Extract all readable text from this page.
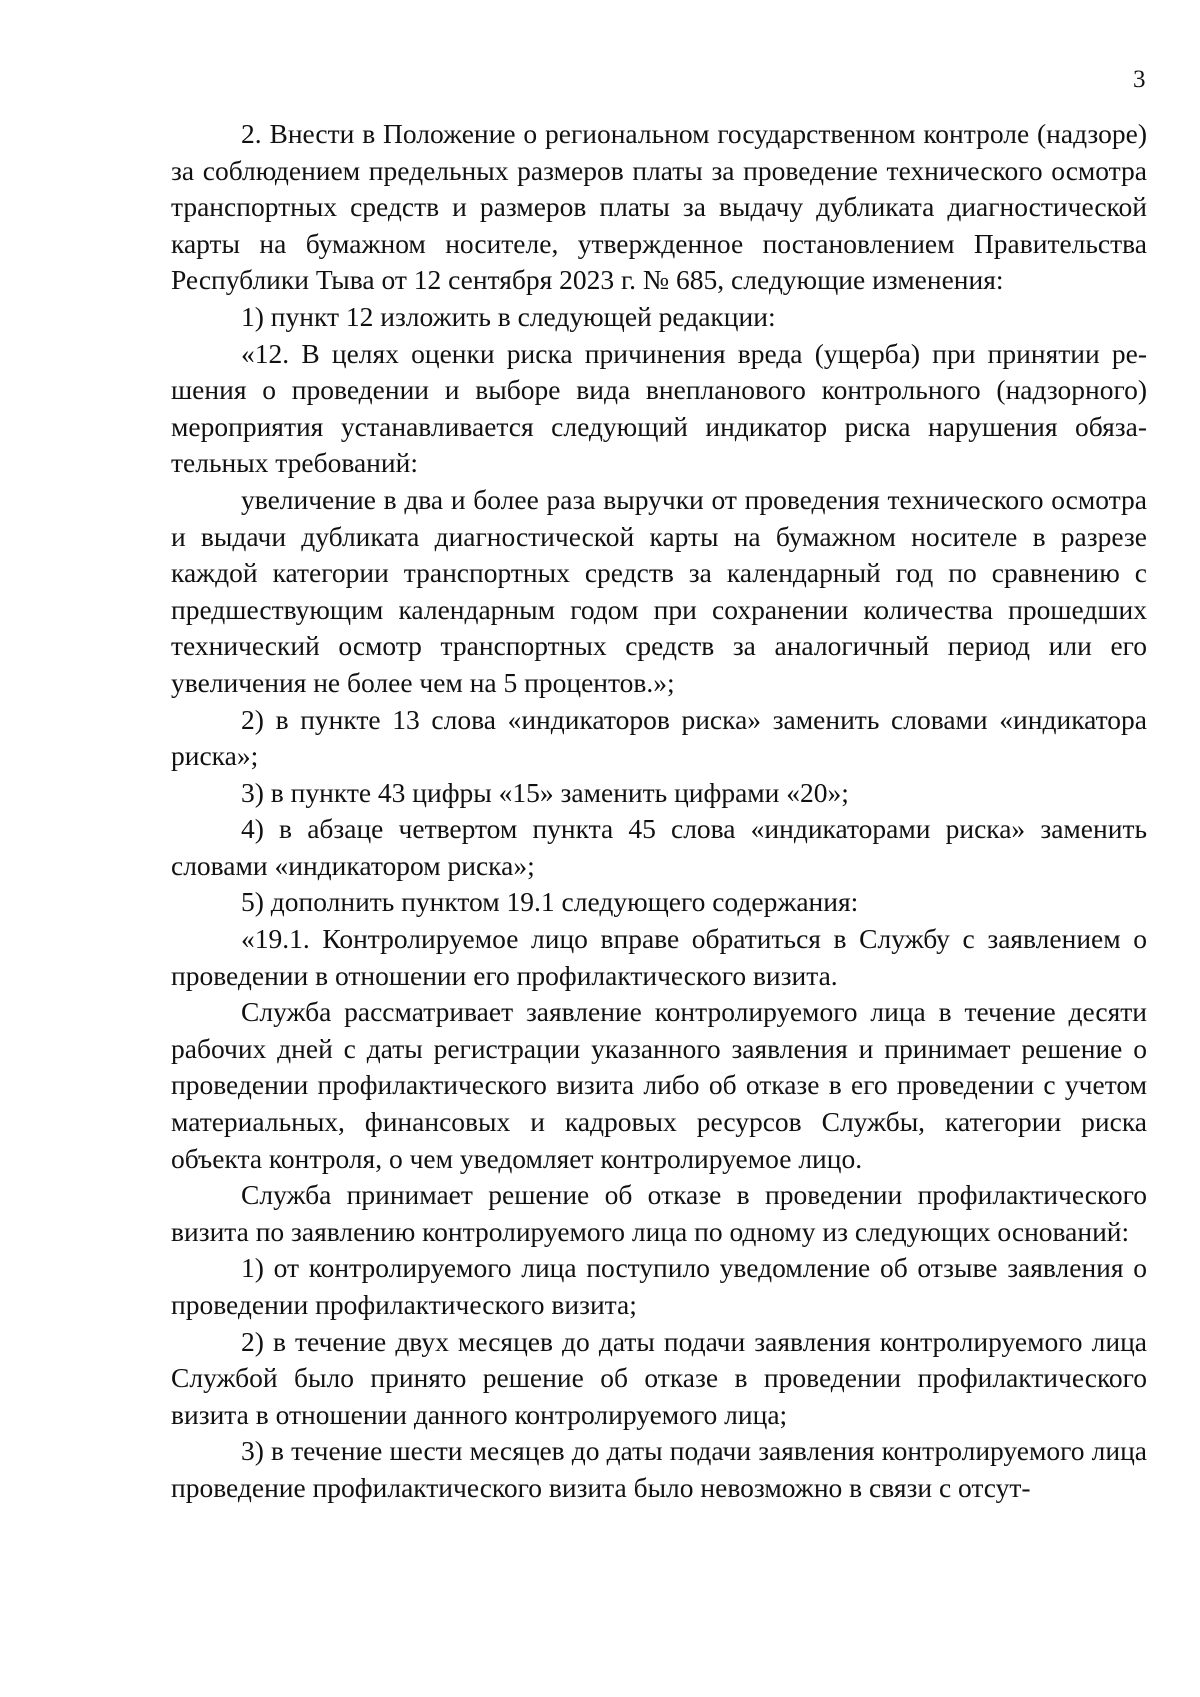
3

2. Внести в Положение о региональном государственном контроле (надзоре) за соблюдением предельных размеров платы за проведение технического осмотра транспортных средств и размеров платы за выдачу дубликата диагностической карты на бумажном носителе, утвержденное постановлением Правительства Республики Тыва от 12 сентября 2023 г. № 685, следующие изменения:

1) пункт 12 изложить в следующей редакции:

«12. В целях оценки риска причинения вреда (ущерба) при принятии решения о проведении и выборе вида внепланового контрольного (надзорного) мероприятия устанавливается следующий индикатор риска нарушения обязательных требований:

увеличение в два и более раза выручки от проведения технического осмотра и выдачи дубликата диагностической карты на бумажном носителе в разрезе каждой категории транспортных средств за календарный год по сравнению с предшествующим календарным годом при сохранении количества прошедших технический осмотр транспортных средств за аналогичный период или его увеличения не более чем на 5 процентов.»;

2) в пункте 13 слова «индикаторов риска» заменить словами «индикатора риска»;

3) в пункте 43 цифры «15» заменить цифрами «20»;

4) в абзаце четвертом пункта 45 слова «индикаторами риска» заменить словами «индикатором риска»;

5) дополнить пунктом 19.1 следующего содержания:

«19.1. Контролируемое лицо вправе обратиться в Службу с заявлением о проведении в отношении его профилактического визита.

Служба рассматривает заявление контролируемого лица в течение десяти рабочих дней с даты регистрации указанного заявления и принимает решение о проведении профилактического визита либо об отказе в его проведении с учетом материальных, финансовых и кадровых ресурсов Службы, категории риска объекта контроля, о чем уведомляет контролируемое лицо.

Служба принимает решение об отказе в проведении профилактического визита по заявлению контролируемого лица по одному из следующих оснований:

1) от контролируемого лица поступило уведомление об отзыве заявления о проведении профилактического визита;

2) в течение двух месяцев до даты подачи заявления контролируемого лица Службой было принято решение об отказе в проведении профилактического визита в отношении данного контролируемого лица;

3) в течение шести месяцев до даты подачи заявления контролируемого лица проведение профилактического визита было невозможно в связи с отсут-
